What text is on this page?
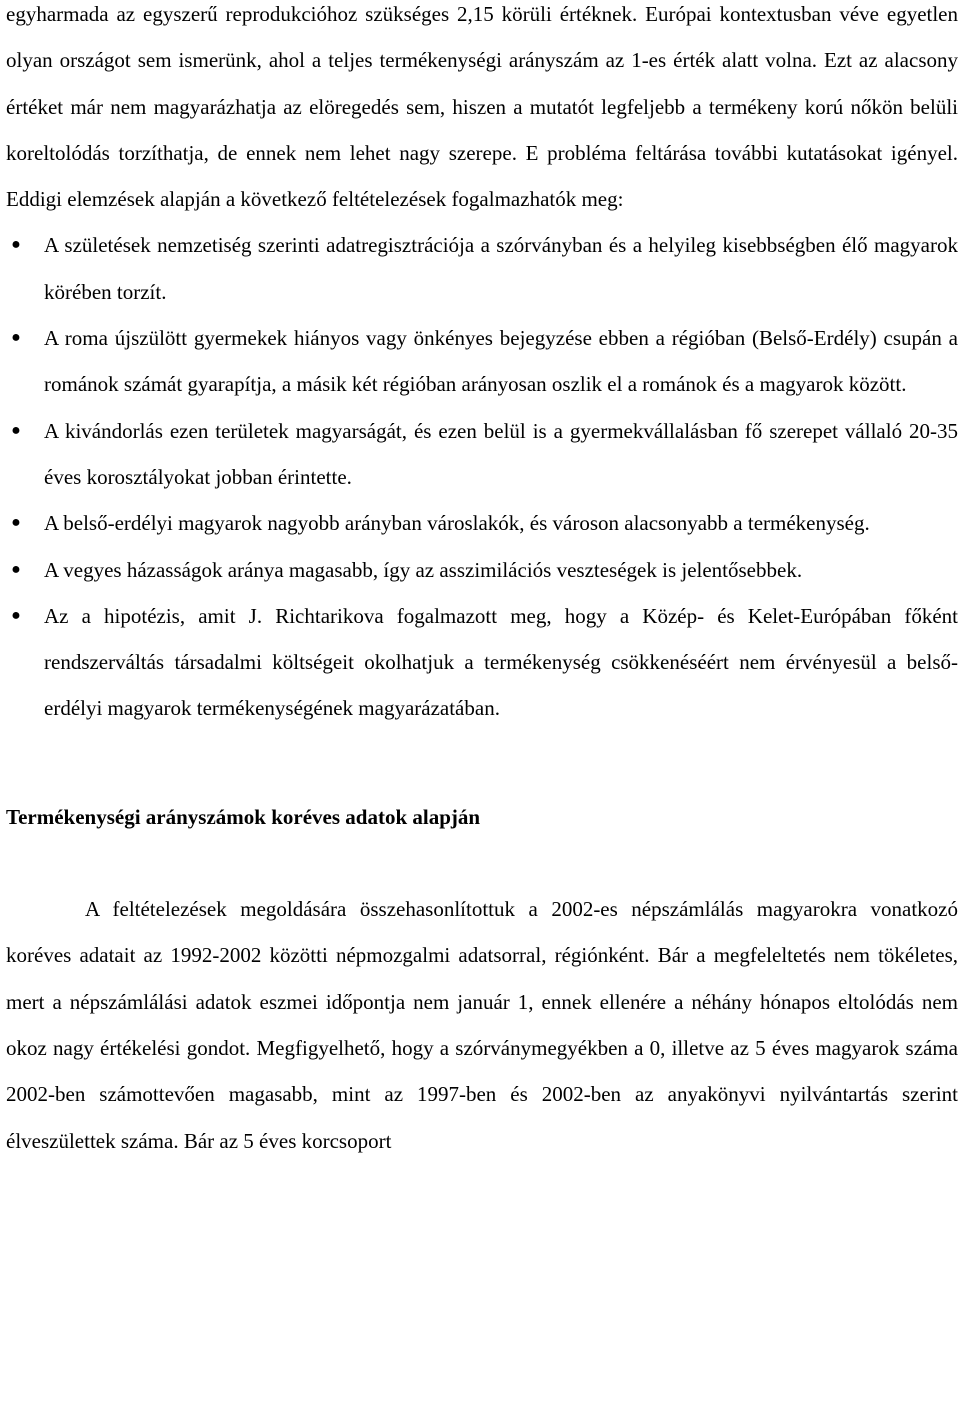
egyharmada az egyszerű reprodukcióhoz szükséges 2,15 körüli értéknek. Európai kontextusban véve egyetlen olyan országot sem ismerünk, ahol a teljes termékenységi arányszám az 1-es érték alatt volna. Ezt az alacsony értéket már nem magyarázhatja az elöregedés sem, hiszen a mutatót legfeljebb a termékeny korú nőkön belüli koreltolódás torzíthatja, de ennek nem lehet nagy szerepe. E probléma feltárása további kutatásokat igényel. Eddigi elemzések alapján a következő feltételezések fogalmazhatók meg:

● A születések nemzetiség szerinti adatregisztrációja a szórványban és a helyileg kisebbségben élő magyarok körében torzít.
● A roma újszülött gyermekek hiányos vagy önkényes bejegyzése ebben a régióban (Belső-Erdély) csupán a románok számát gyarapítja, a másik két régióban arányosan oszlik el a románok és a magyarok között.
● A kivándorlás ezen területek magyarságát, és ezen belül is a gyermekvállalásban fő szerepet vállaló 20-35 éves korosztályokat jobban érintette.
● A belső-erdélyi magyarok nagyobb arányban városlakók, és városon alacsonyabb a termékenység.
● A vegyes házasságok aránya magasabb, így az asszimilációs veszteségek is jelentősebbek.
● Az a hipotézis, amit J. Richtarikova fogalmazott meg, hogy a Közép- és Kelet-Európában főként rendszerváltás társadalmi költségeit okolhatjuk a termékenység csökkenéséért nem érvényesül a belső-erdélyi magyarok termékenységének magyarázatában.
Termékenységi arányszámok koréves adatok alapján

A feltételezések megoldására összehasonlítottuk a 2002-es népszámlálás magyarokra vonatkozó koréves adatait az 1992-2002 közötti népmozgalmi adatsorral, régiónként. Bár a megfeleltetés nem tökéletes, mert a népszámlálási adatok eszmei időpontja nem január 1, ennek ellenére a néhány hónapos eltolódás nem okoz nagy értékelési gondot. Megfigyelhető, hogy a szórványmegyékben a 0, illetve az 5 éves magyarok száma 2002-ben számottevően magasabb, mint az 1997-ben és 2002-ben az anyakönyvi nyilvántartás szerint élveszülettek száma. Bár az 5 éves korcsoport
